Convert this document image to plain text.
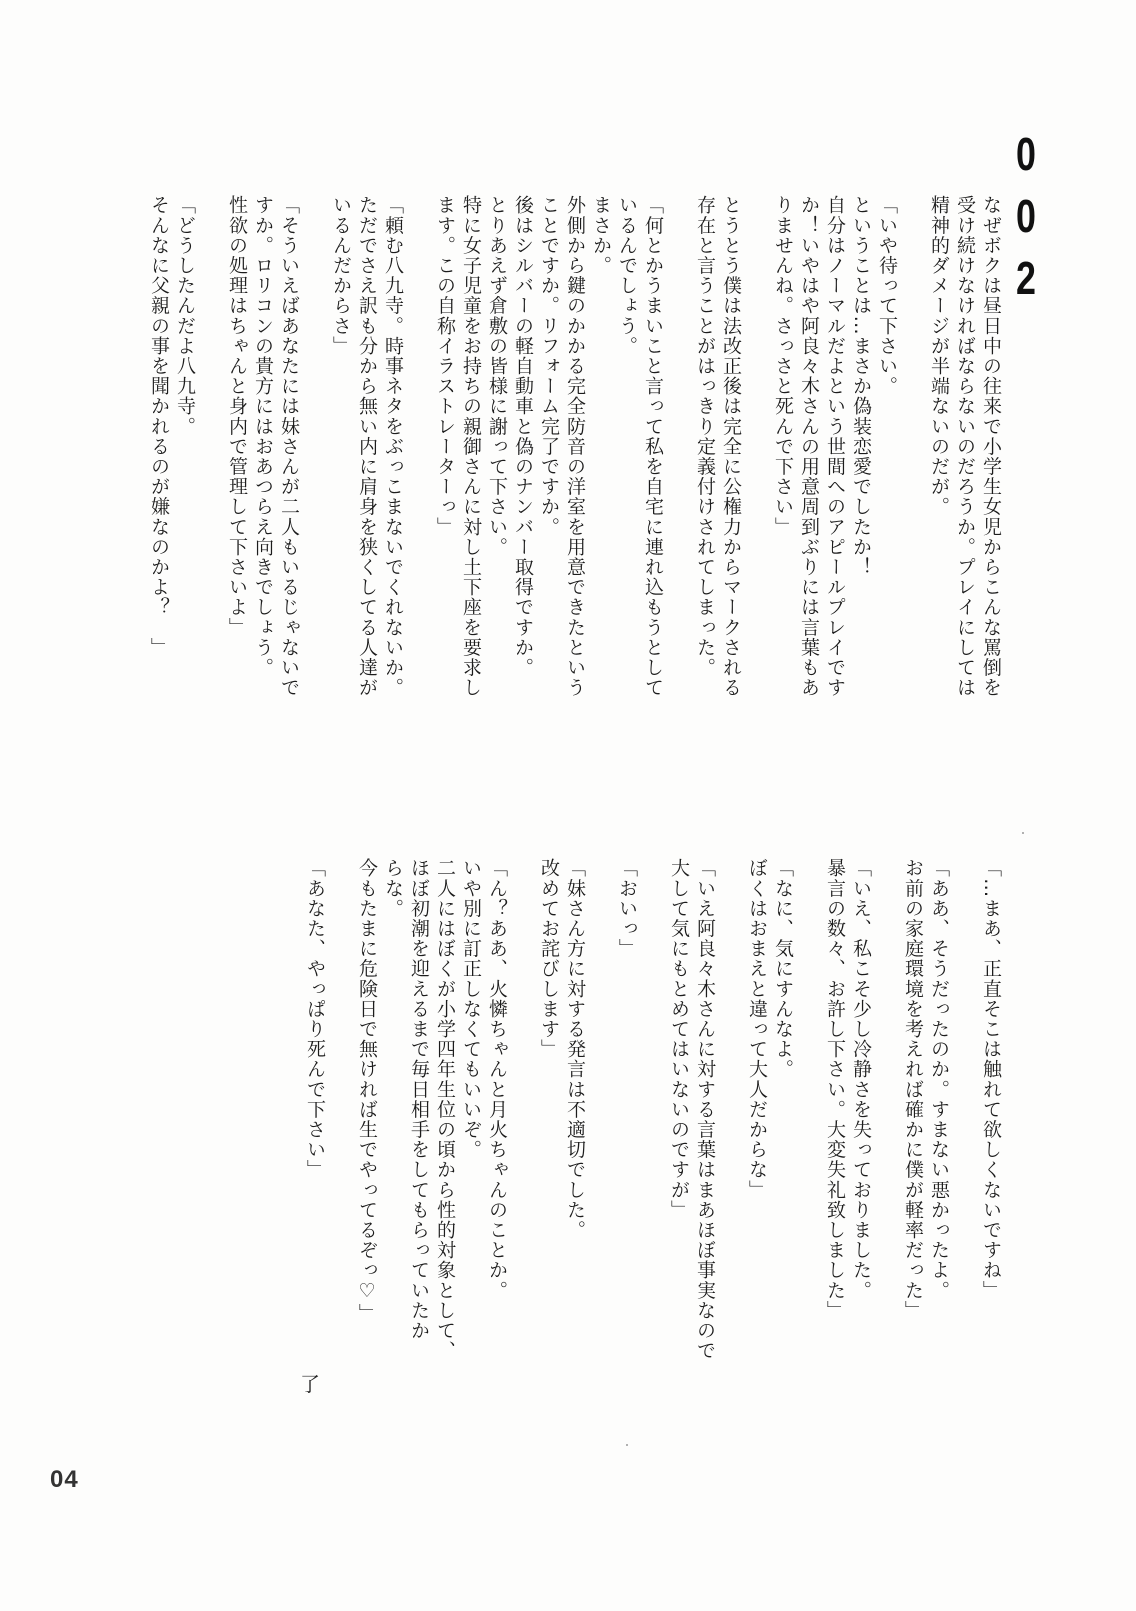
002
なぜボクは昼日中の往来で小学生女児からこんな罵倒を
受け続けなければならないのだろうか。プレイにしては
精神的ダメージが半端ないのだが。

「いや待って下さい。
ということは…まさか偽装恋愛でしたか！
自分はノーマルだよという世間へのアピールプレイです
か！いやはや阿良々木さんの用意周到ぶりには言葉もあ
りませんね。さっさと死んで下さい」

とうとう僕は法改正後は完全に公権力からマークされる
存在と言うことがはっきり定義付けされてしまった。

「何とかうまいこと言って私を自宅に連れ込もうとして
いるんでしょう。
まさか。
外側から鍵のかかる完全防音の洋室を用意できたという
ことですか。リフォーム完了ですか。
後はシルバーの軽自動車と偽のナンバー取得ですか。
とりあえず倉敷の皆様に謝って下さい。
特に女子児童をお持ちの親御さんに対し土下座を要求し
ます。この自称イラストレーターっ」

「頼む八九寺。時事ネタをぶっこまないでくれないか。
ただでさえ訳も分から無い内に肩身を狭くしてる人達が
いるんだからさ」

「そういえばあなたには妹さんが二人もいるじゃないで
すか。ロリコンの貴方にはおあつらえ向きでしょう。
性欲の処理はちゃんと身内で管理して下さいよ」

「どうしたんだよ八九寺。
そんなに父親の事を聞かれるのが嫌なのかよ？　」
「…まあ、正直そこは触れて欲しくないですね」

「ああ、そうだったのか。すまない悪かったよ。
お前の家庭環境を考えれば確かに僕が軽率だった」

「いえ、私こそ少し冷静さを失っておりました。
暴言の数々、お許し下さい。大変失礼致しました」

「なに、気にすんなよ。
ぼくはおまえと違って大人だからな」

「いえ阿良々木さんに対する言葉はまあほぼ事実なので
大して気にもとめてはいないのですが」

「おいっ」

「妹さん方に対する発言は不適切でした。
改めてお詫びします」

「ん？ああ、火憐ちゃんと月火ちゃんのことか。
いや別に訂正しなくてもいいぞ。
二人にはぼくが小学四年生位の頃から性的対象として、
ほぼ初潮を迎えるまで毎日相手をしてもらっていたか
らな。
今もたまに危険日で無ければ生でやってるぞっ♡」

「あなた、やっぱり死んで下さい」
了
04
